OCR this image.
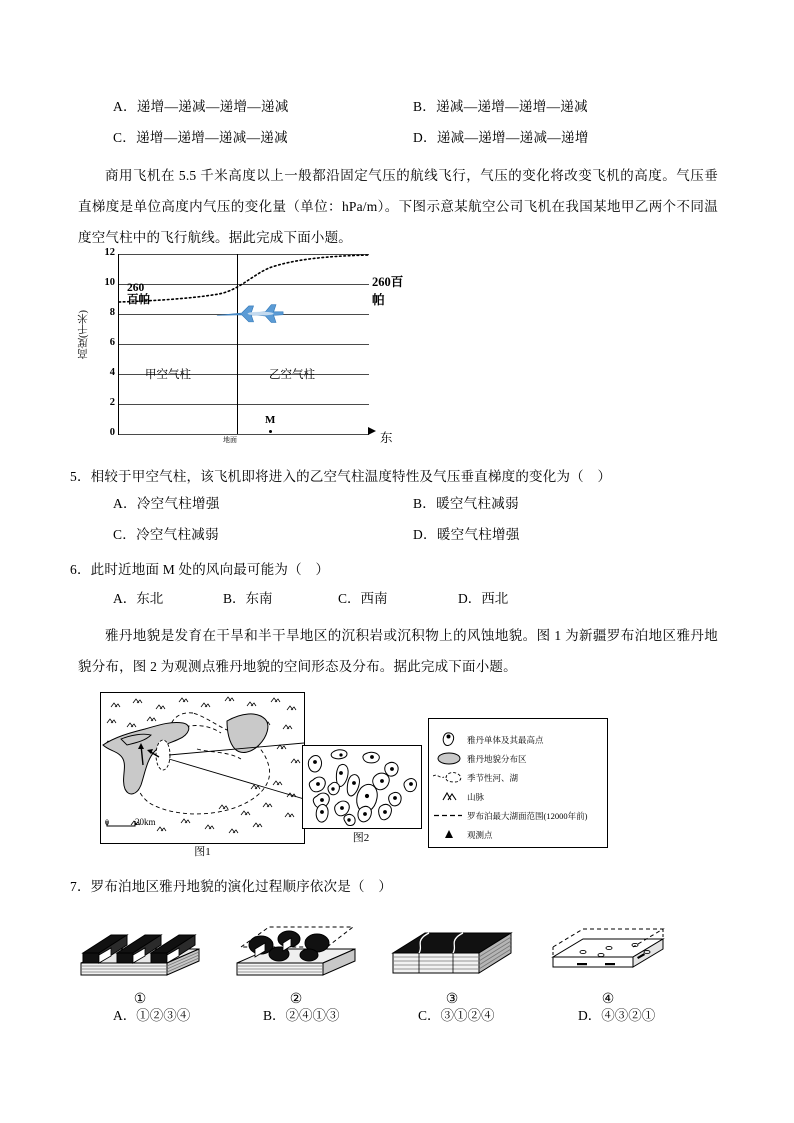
A．递增—递减—递增—递减	B．递减—递增—递增—递减
C．递增—递增—递减—递减	D．递减—递增—递减—递增
商用飞机在 5.5 千米高度以上一般都沿固定气压的航线飞行，气压的变化将改变飞机的高度。气压垂直梯度是单位高度内气压的变化量（单位：hPa/m）。下图示意某航空公司飞机在我国某地甲乙两个不同温度空气柱中的飞行航线。据此完成下面小题。
高度(千米)
12
10
8
6
4
2
0
甲空气柱	乙空气柱
260
百帕
M
地面
260百帕
东
5．相较于甲空气柱，该飞机即将进入的乙空气柱温度特性及气压垂直梯度的变化为（　）
A．冷空气柱增强	B．暖空气柱减弱
C．冷空气柱减弱	D．暖空气柱增强
6．此时近地面 M 处的风向最可能为（　）
A．东北	B．东南	C．西南	D．西北
雅丹地貌是发育在干旱和半干旱地区的沉积岩或沉积物上的风蚀地貌。图 1 为新疆罗布泊地区雅丹地貌分布，图 2 为观测点雅丹地貌的空间形态及分布。据此完成下面小题。
0	20km
图1
图2
雅丹单体及其最高点
雅丹地貌分布区
季节性河、湖
山脉
罗布泊最大湖面范围(12000年前)
观测点
7．罗布泊地区雅丹地貌的演化过程顺序依次是（　）
①	②	③	④
A．①②③④	B．②④①③	C．③①②④	D．④③②①
